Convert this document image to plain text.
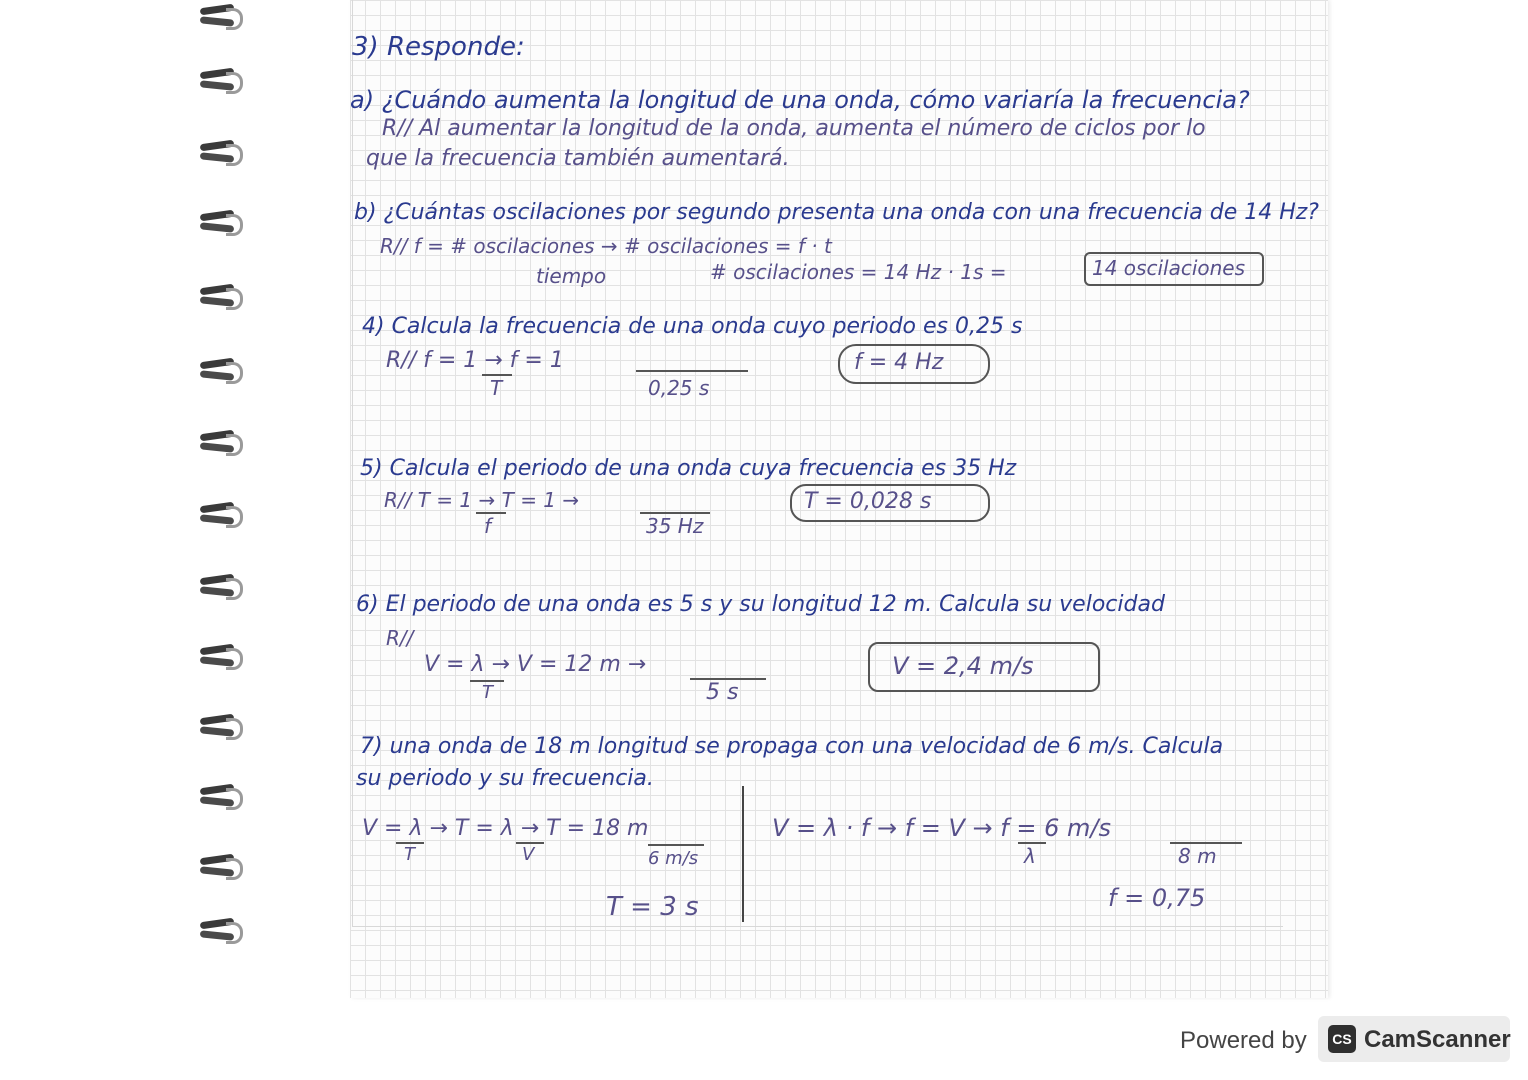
3) Responde:
a) ¿Cuándo aumenta la longitud de una onda, cómo variaría la frecuencia?
R// Al aumentar la longitud de la onda, aumenta el número de ciclos por lo
que la frecuencia también aumentará.
b) ¿Cuántas oscilaciones por segundo presenta una onda con una frecuencia de 14 Hz?
R// f = # oscilaciones → # oscilaciones = f · t
tiempo	# oscilaciones = 14 Hz · 1s =	14 oscilaciones
4) Calcula la frecuencia de una onda cuyo periodo es 0,25 s
R// f = 1 → f = 1
T	0,25 s
f = 4 Hz
5) Calcula el periodo de una onda cuya frecuencia es 35 Hz
R// T = 1 → T = 1 →
f	35 Hz
T = 0,028 s
6) El periodo de una onda es 5 s y su longitud 12 m. Calcula su velocidad
R//
V = λ → V = 12 m →
T	5 s
V = 2,4 m/s
7) una onda de 18 m longitud se propaga con una velocidad de 6 m/s. Calcula
su periodo y su frecuencia.
V = λ → T = λ → T = 18 m
T	V	6 m/s
T = 3 s
V = λ · f → f = V → f = 6 m/s
λ	8 m
f = 0,75
Powered by	CS CamScanner
